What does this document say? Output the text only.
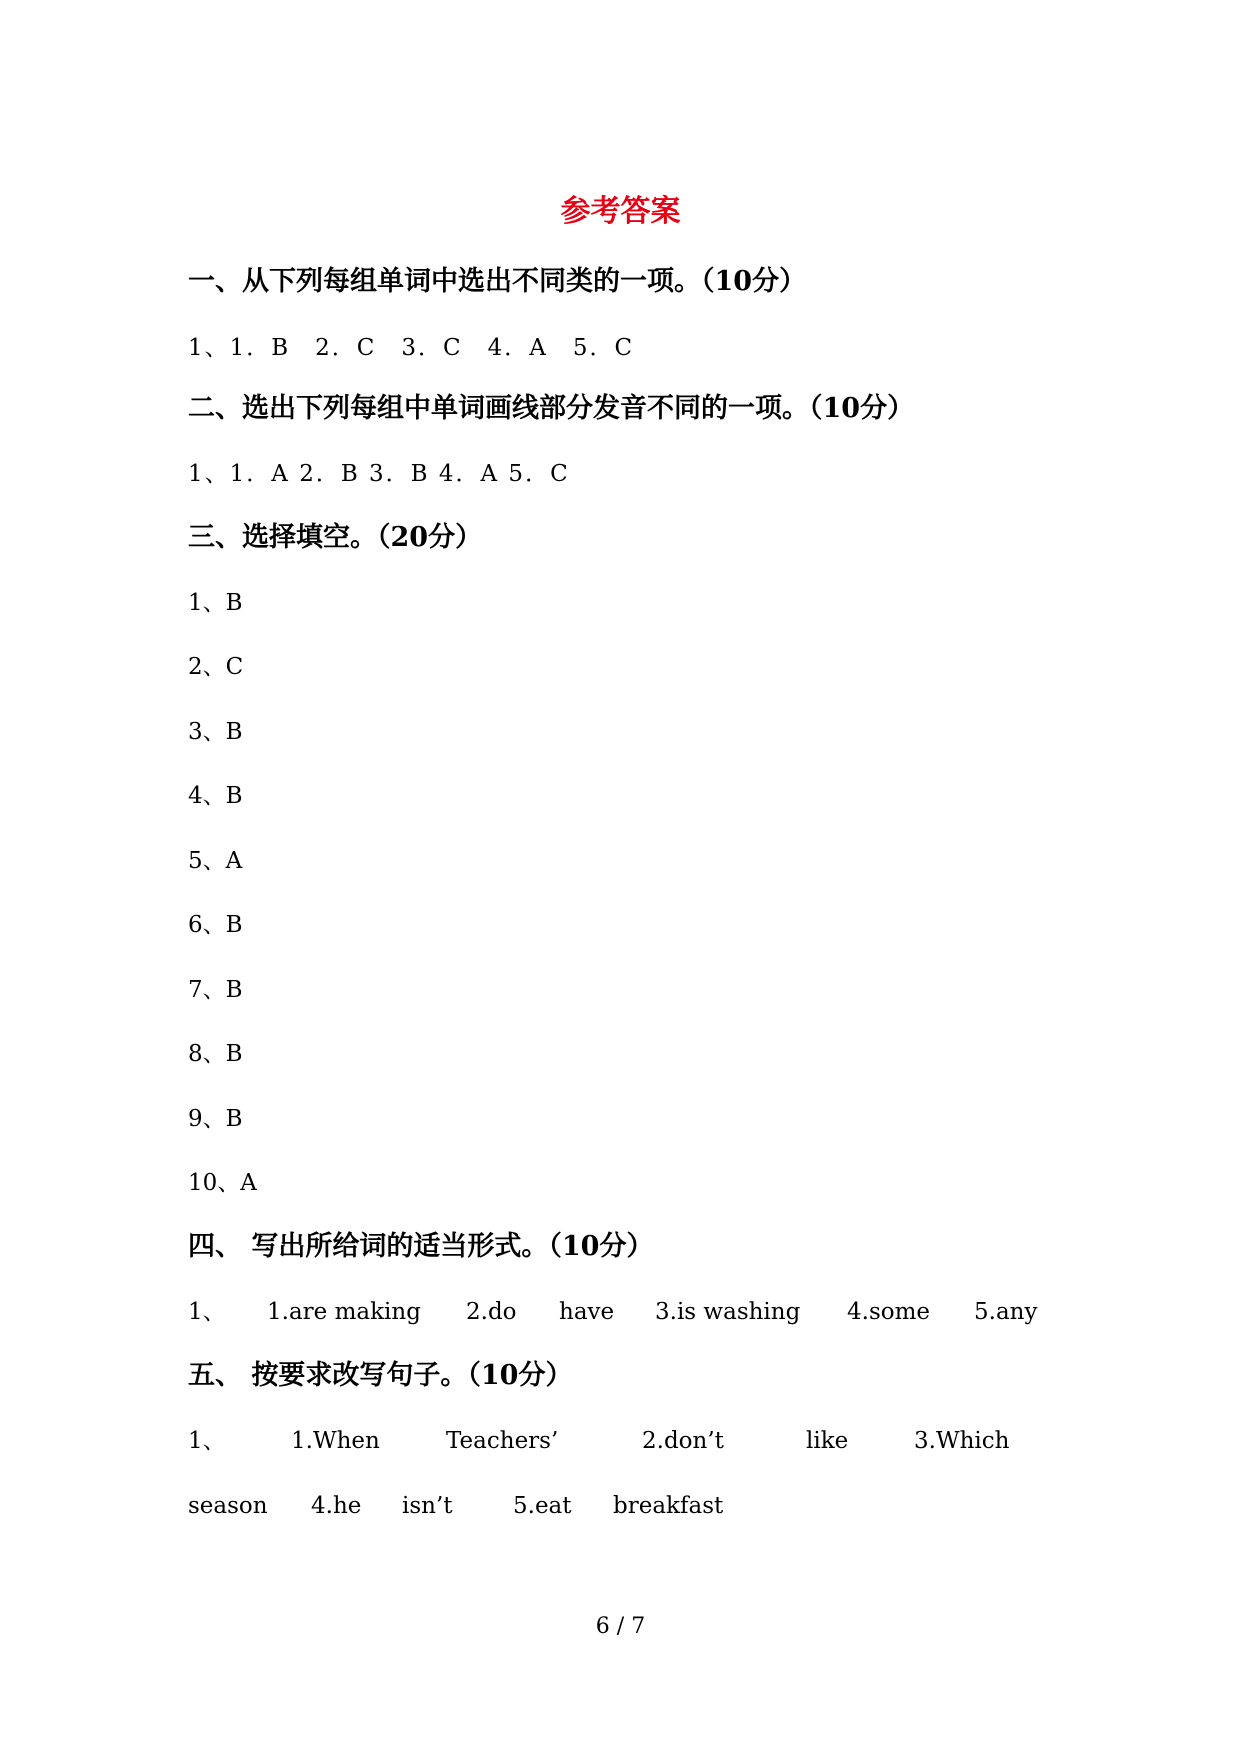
参考答案
一、从下列每组单词中选出不同类的一项。（10分）
1、1．B　2．C　3．C　4．A　5．C
二、选出下列每组中单词画线部分发音不同的一项。（10分）
1、1．A 2．B 3．B 4．A 5．C
三、选择填空。（20分）
1、B
2、C
3、B
4、B
5、A
6、B
7、B
8、B
9、B
10、A
四、 写出所给词的适当形式。（10分）
1、 1.are making 2.do have 3.is washing 4.some 5.any
五、 按要求改写句子。（10分）
1、	1.When	Teachers’	2.don’t	like	3.Which
season 4.he isn’t	5.eat breakfast
6 / 7
